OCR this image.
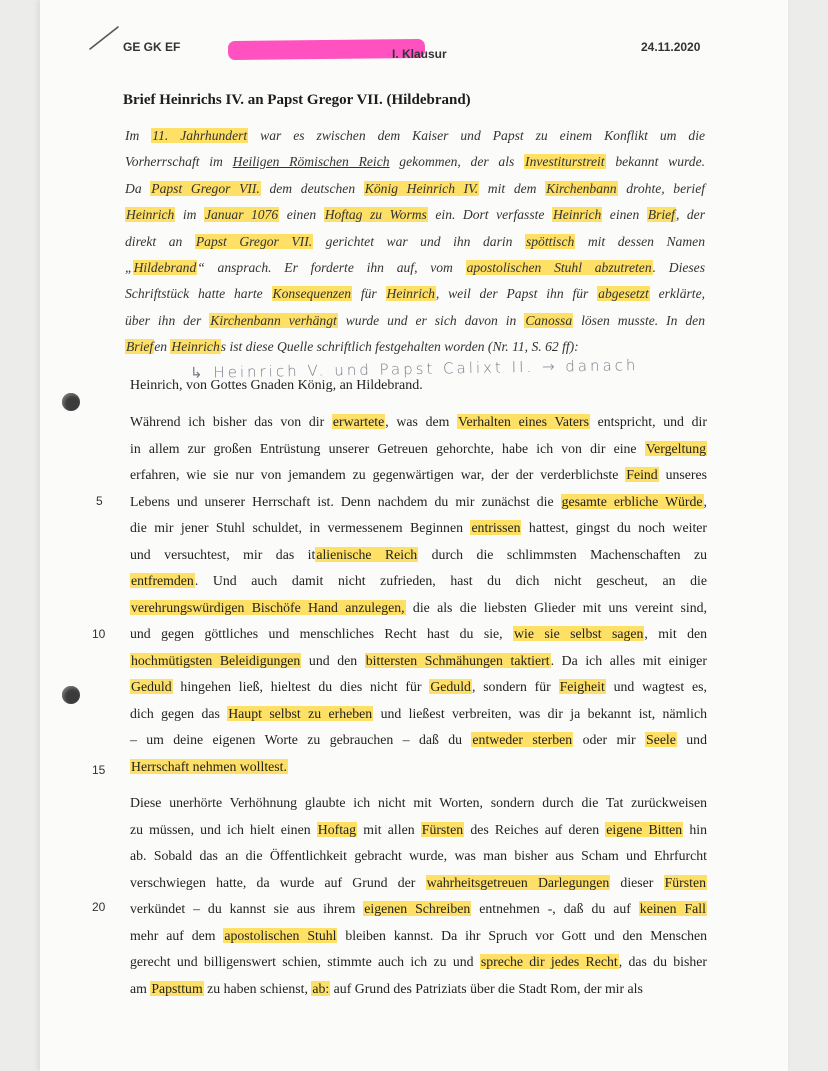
GE GK EF	I. Klausur	24.11.2020
Brief Heinrichs IV. an Papst Gregor VII. (Hildebrand)
Im 11. Jahrhundert war es zwischen dem Kaiser und Papst zu einem Konflikt um die
Vorherrschaft im Heiligen Römischen Reich gekommen, der als Investiturstreit bekannt wurde.
Da Papst Gregor VII. dem deutschen König Heinrich IV. mit dem Kirchenbann drohte, berief
Heinrich im Januar 1076 einen Hoftag zu Worms ein. Dort verfasste Heinrich einen Brief, der
direkt an Papst Gregor VII. gerichtet war und ihn darin spöttisch mit dessen Namen
„Hildebrand“ ansprach. Er forderte ihn auf, vom apostolischen Stuhl abzutreten. Dieses
Schriftstück hatte harte Konsequenzen für Heinrich, weil der Papst ihn für abgesetzt erklärte,
über ihn der Kirchenbann verhängt wurde und er sich davon in Canossa lösen musste. In den
Briefen Heinrichs ist diese Quelle schriftlich festgehalten worden (Nr. 11, S. 62 ff):
↳ Heinrich V. und Papst Calixt II. → danach
Heinrich, von Gottes Gnaden König, an Hildebrand.
Während ich bisher das von dir erwartete, was dem Verhalten eines Vaters entspricht, und dir
in allem zur großen Entrüstung unserer Getreuen gehorchte, habe ich von dir eine Vergeltung
erfahren, wie sie nur von jemandem zu gegenwärtigen war, der der verderblichste Feind unseres
Lebens und unserer Herrschaft ist. Denn nachdem du mir zunächst die gesamte erbliche Würde,
die mir jener Stuhl schuldet, in vermessenem Beginnen entrissen hattest, gingst du noch weiter
und versuchtest, mir das italienische Reich durch die schlimmsten Machenschaften zu
entfremden. Und auch damit nicht zufrieden, hast du dich nicht gescheut, an die
verehrungswürdigen Bischöfe Hand anzulegen, die als die liebsten Glieder mit uns vereint sind,
und gegen göttliches und menschliches Recht hast du sie, wie sie selbst sagen, mit den
hochmütigsten Beleidigungen und den bittersten Schmähungen taktiert. Da ich alles mit einiger
Geduld hingehen ließ, hieltest du dies nicht für Geduld, sondern für Feigheit und wagtest es,
dich gegen das Haupt selbst zu erheben und ließest verbreiten, was dir ja bekannt ist, nämlich
– um deine eigenen Worte zu gebrauchen – daß du entweder sterben oder mir Seele und
Herrschaft nehmen wolltest.
Diese unerhörte Verhöhnung glaubte ich nicht mit Worten, sondern durch die Tat zurückweisen
zu müssen, und ich hielt einen Hoftag mit allen Fürsten des Reiches auf deren eigene Bitten hin
ab. Sobald das an die Öffentlichkeit gebracht wurde, was man bisher aus Scham und Ehrfurcht
verschwiegen hatte, da wurde auf Grund der wahrheitsgetreuen Darlegungen dieser Fürsten
verkündet – du kannst sie aus ihrem eigenen Schreiben entnehmen -, daß du auf keinen Fall
mehr auf dem apostolischen Stuhl bleiben kannst. Da ihr Spruch vor Gott und den Menschen
gerecht und billigenswert schien, stimmte auch ich zu und spreche dir jedes Recht, das du bisher
am Papsttum zu haben schienst, ab: auf Grund des Patriziats über die Stadt Rom, der mir als
5
10
15
20
